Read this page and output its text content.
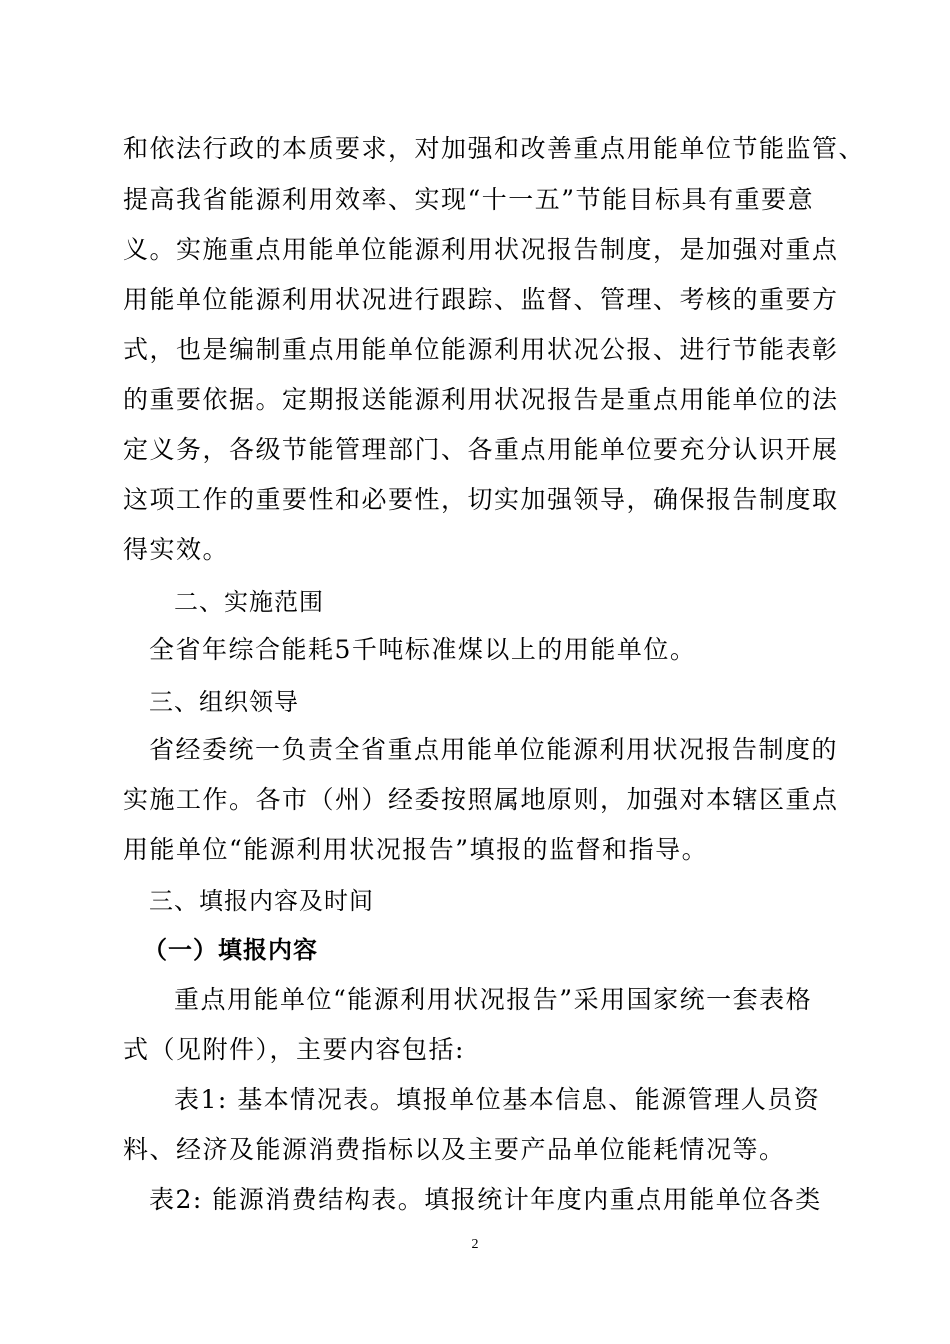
和依法行政的本质要求，对加强和改善重点用能单位节能监管、
提高我省能源利用效率、实现“十一五”节能目标具有重要意
义。实施重点用能单位能源利用状况报告制度，是加强对重点
用能单位能源利用状况进行跟踪、监督、管理、考核的重要方
式，也是编制重点用能单位能源利用状况公报、进行节能表彰
的重要依据。定期报送能源利用状况报告是重点用能单位的法
定义务，各级节能管理部门、各重点用能单位要充分认识开展
这项工作的重要性和必要性，切实加强领导，确保报告制度取
得实效。
二、实施范围
全省年综合能耗5千吨标准煤以上的用能单位。
三、组织领导
省经委统一负责全省重点用能单位能源利用状况报告制度的
实施工作。各市（州）经委按照属地原则，加强对本辖区重点
用能单位“能源利用状况报告”填报的监督和指导。
三、填报内容及时间
（一）填报内容
重点用能单位“能源利用状况报告”采用国家统一套表格
式（见附件），主要内容包括:
表1: 基本情况表。填报单位基本信息、能源管理人员资
料、经济及能源消费指标以及主要产品单位能耗情况等。
表2: 能源消费结构表。填报统计年度内重点用能单位各类
2
